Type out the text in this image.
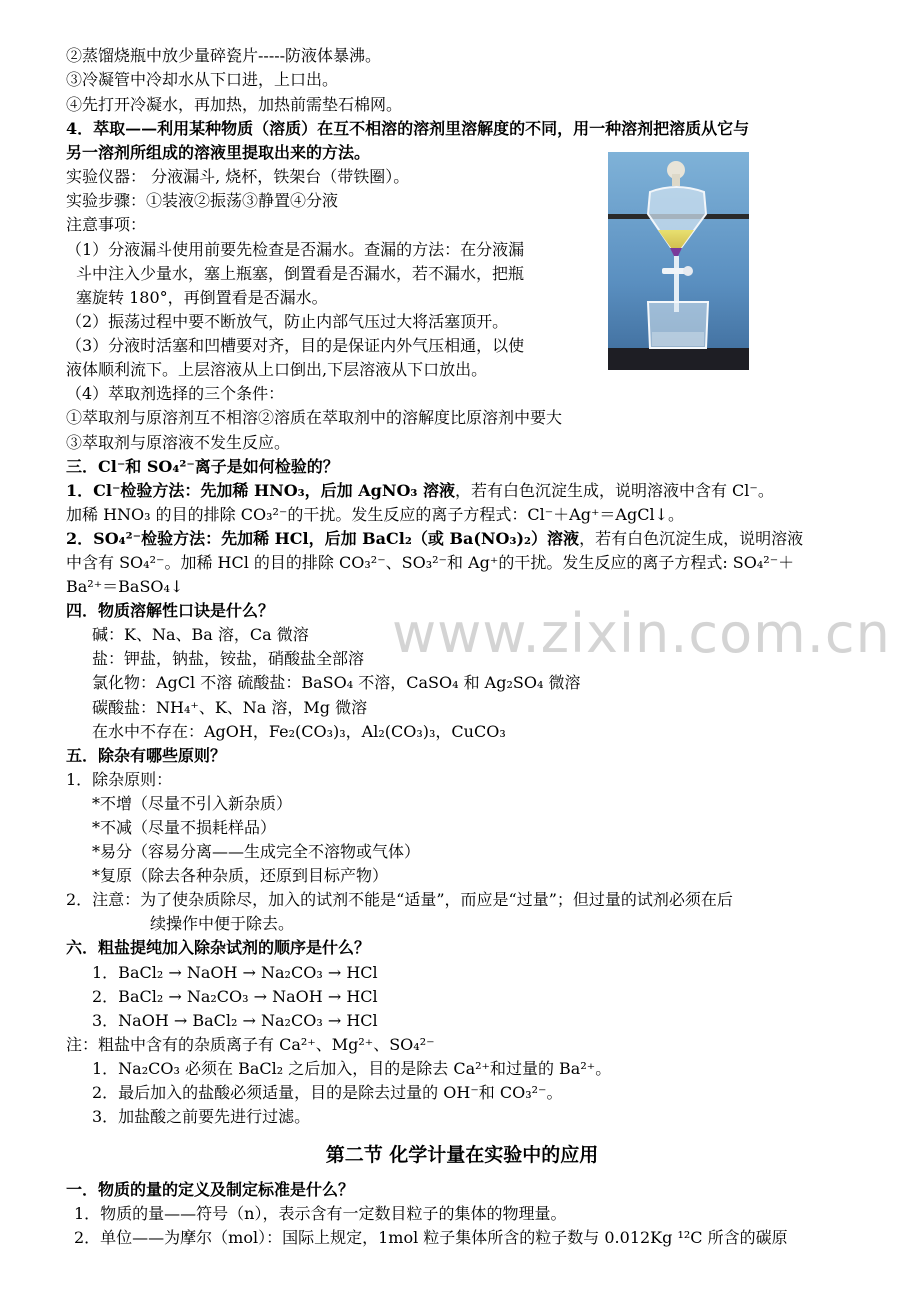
www.zixin.com.cn
②蒸馏烧瓶中放少量碎瓷片-----防液体暴沸。
③冷凝管中冷却水从下口进，上口出。
④先打开冷凝水，再加热，加热前需垫石棉网。
4．萃取——利用某种物质（溶质）在互不相溶的溶剂里溶解度的不同，用一种溶剂把溶质从它与
另一溶剂所组成的溶液里提取出来的方法。
实验仪器： 分液漏斗, 烧杯，铁架台（带铁圈）。
实验步骤：①装液②振荡③静置④分液
注意事项：
（1）分液漏斗使用前要先检查是否漏水。查漏的方法：在分液漏
斗中注入少量水，塞上瓶塞，倒置看是否漏水，若不漏水，把瓶
塞旋转 180°，再倒置看是否漏水。
（2）振荡过程中要不断放气，防止内部气压过大将活塞顶开。
（3）分液时活塞和凹槽要对齐，目的是保证内外气压相通，以使
液体顺利流下。上层溶液从上口倒出,下层溶液从下口放出。
（4）萃取剂选择的三个条件：
①萃取剂与原溶剂互不相溶②溶质在萃取剂中的溶解度比原溶剂中要大
③萃取剂与原溶液不发生反应。
三．Cl⁻和 SO₄²⁻离子是如何检验的？
1．Cl⁻检验方法：先加稀 HNO₃，后加 AgNO₃ 溶液，若有白色沉淀生成，说明溶液中含有 Cl⁻。
加稀 HNO₃ 的目的排除 CO₃²⁻的干扰。发生反应的离子方程式：Cl⁻＋Ag⁺＝AgCl↓。
2．SO₄²⁻检验方法：先加稀 HCl，后加 BaCl₂（或 Ba(NO₃)₂）溶液，若有白色沉淀生成，说明溶液
中含有 SO₄²⁻。加稀 HCl 的目的排除 CO₃²⁻、SO₃²⁻和 Ag⁺的干扰。发生反应的离子方程式: SO₄²⁻＋
Ba²⁺＝BaSO₄↓
四．物质溶解性口诀是什么？
碱：K、Na、Ba 溶，Ca 微溶
盐：钾盐，钠盐，铵盐，硝酸盐全部溶
氯化物：AgCl 不溶 硫酸盐：BaSO₄ 不溶，CaSO₄ 和 Ag₂SO₄ 微溶
碳酸盐：NH₄⁺、K、Na 溶，Mg 微溶
在水中不存在：AgOH，Fe₂(CO₃)₃，Al₂(CO₃)₃，CuCO₃
五．除杂有哪些原则？
1．除杂原则：
*不增（尽量不引入新杂质）
*不减（尽量不损耗样品）
*易分（容易分离——生成完全不溶物或气体）
*复原（除去各种杂质，还原到目标产物）
2．注意：为了使杂质除尽，加入的试剂不能是“适量”，而应是“过量”；但过量的试剂必须在后
续操作中便于除去。
六．粗盐提纯加入除杂试剂的顺序是什么？
1．BaCl₂ → NaOH → Na₂CO₃ → HCl
2．BaCl₂ → Na₂CO₃ → NaOH → HCl
3．NaOH → BaCl₂ → Na₂CO₃ → HCl
注：粗盐中含有的杂质离子有 Ca²⁺、Mg²⁺、SO₄²⁻
1．Na₂CO₃ 必须在 BaCl₂ 之后加入，目的是除去 Ca²⁺和过量的 Ba²⁺。
2．最后加入的盐酸必须适量，目的是除去过量的 OH⁻和 CO₃²⁻。
3．加盐酸之前要先进行过滤。
第二节 化学计量在实验中的应用
一．物质的量的定义及制定标准是什么？
1．物质的量——符号（n），表示含有一定数目粒子的集体的物理量。
2．单位——为摩尔（mol）：国际上规定，1mol 粒子集体所含的粒子数与 0.012Kg ¹²C 所含的碳原
